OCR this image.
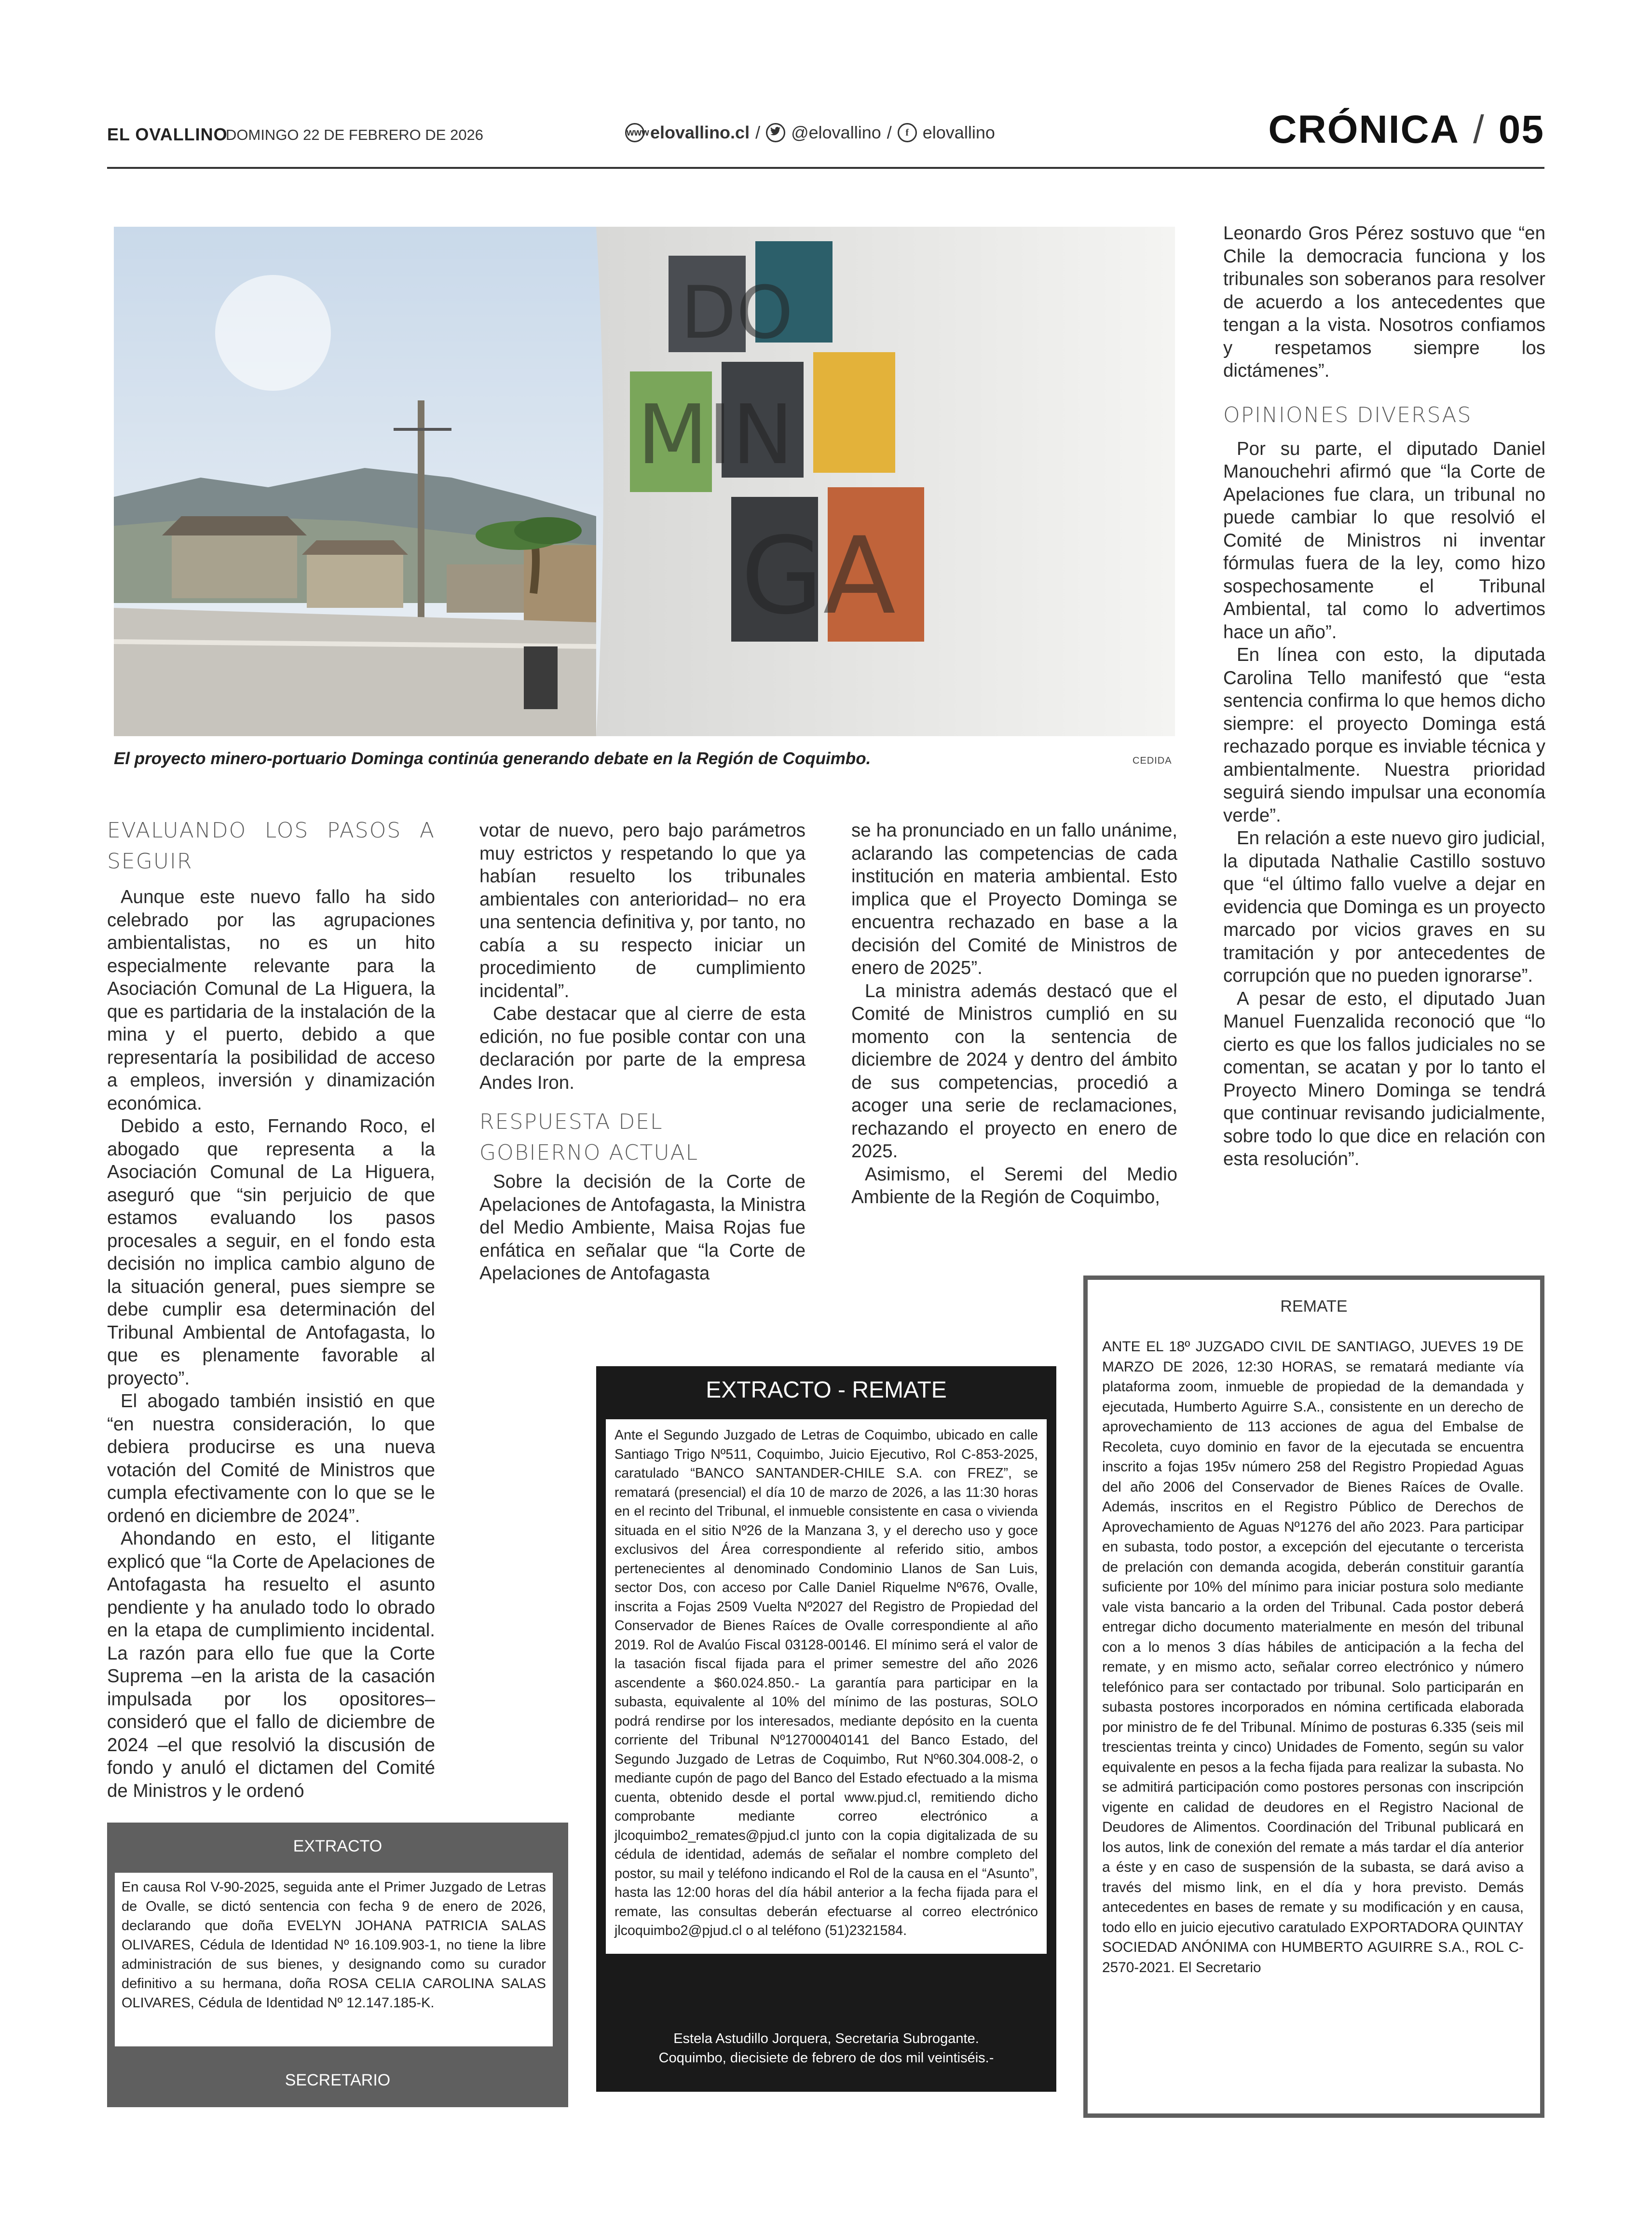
EL OVALLINO
DOMINGO 22 DE FEBRERO DE 2026	www elovallino.cl / @elovallino /	f elovallino	CRÓNICA / 05
DO
MIN
GA
El proyecto minero-portuario Dominga continúa generando debate en la Región de Coquimbo.	CEDIDA
EVALUANDO LOS PASOS A SEGUIR

Aunque este nuevo fallo ha sido celebrado por las agrupaciones ambientalistas, no es un hito especialmente relevante para la Asociación Comunal de La Higuera, la que es partidaria de la instalación de la mina y el puerto, debido a que representaría la posibilidad de acceso a empleos, inversión y dinamización económica.

Debido a esto, Fernando Roco, el abogado que representa a la Asociación Comunal de La Higuera, aseguró que “sin perjuicio de que estamos evaluando los pasos procesales a seguir, en el fondo esta decisión no implica cambio alguno de la situación general, pues siempre se debe cumplir esa determinación del Tribunal Ambiental de Antofagasta, lo que es plenamente favorable al proyecto”.

El abogado también insistió en que “en nuestra consideración, lo que debiera producirse es una nueva votación del Comité de Ministros que cumpla efectivamente con lo que se le ordenó en diciembre de 2024”.

Ahondando en esto, el litigante explicó que “la Corte de Apelaciones de Antofagasta ha resuelto el asunto pendiente y ha anulado todo lo obrado en la etapa de cumplimiento incidental. La razón para ello fue que la Corte Suprema –en la arista de la casación impulsada por los opositores– consideró que el fallo de diciembre de 2024 –el que resolvió la discusión de fondo y anuló el dictamen del Comité de Ministros y le ordenó

votar de nuevo, pero bajo parámetros muy estrictos y respetando lo que ya habían resuelto los tribunales ambientales con anterioridad– no era una sentencia definitiva y, por tanto, no cabía a su respecto iniciar un procedimiento de cumplimiento incidental”.

Cabe destacar que al cierre de esta edición, no fue posible contar con una declaración por parte de la empresa Andes Iron.

RESPUESTA DEL
GOBIERNO ACTUAL

Sobre la decisión de la Corte de Apelaciones de Antofagasta, la Ministra del Medio Ambiente, Maisa Rojas fue enfática en señalar que “la Corte de Apelaciones de Antofagasta

se ha pronunciado en un fallo unánime, aclarando las competencias de cada institución en materia ambiental. Esto implica que el Proyecto Dominga se encuentra rechazado en base a la decisión del Comité de Ministros de enero de 2025”.

La ministra además destacó que el Comité de Ministros cumplió en su momento con la sentencia de diciembre de 2024 y dentro del ámbito de sus competencias, procedió a acoger una serie de reclamaciones, rechazando el proyecto en enero de 2025.

Asimismo, el Seremi del Medio Ambiente de la Región de Coquimbo,

Leonardo Gros Pérez sostuvo que “en Chile la democracia funciona y los tribunales son soberanos para resolver de acuerdo a los antecedentes que tengan a la vista. Nosotros confiamos y respetamos siempre los dictámenes”.

OPINIONES DIVERSAS

Por su parte, el diputado Daniel Manouchehri afirmó que “la Corte de Apelaciones fue clara, un tribunal no puede cambiar lo que resolvió el Comité de Ministros ni inventar fórmulas fuera de la ley, como hizo sospechosamente el Tribunal Ambiental, tal como lo advertimos hace un año”.

En línea con esto, la diputada Carolina Tello manifestó que “esta sentencia confirma lo que hemos dicho siempre: el proyecto Dominga está rechazado porque es inviable técnica y ambientalmente. Nuestra prioridad seguirá siendo impulsar una economía verde”.

En relación a este nuevo giro judicial, la diputada Nathalie Castillo sostuvo que “el último fallo vuelve a dejar en evidencia que Dominga es un proyecto marcado por vicios graves en su tramitación y por antecedentes de corrupción que no pueden ignorarse”.

A pesar de esto, el diputado Juan Manuel Fuenzalida reconoció que “lo cierto es que los fallos judiciales no se comentan, se acatan y por lo tanto el Proyecto Minero Dominga se tendrá que continuar revisando judicialmente, sobre todo lo que dice en relación con esta resolución”.

EXTRACTO
En causa Rol V-90-2025, seguida ante el Primer Juzgado de Letras de Ovalle, se dictó sentencia con fecha 9 de enero de 2026, declarando que doña EVELYN JOHANA PATRICIA SALAS OLIVARES, Cédula de Identidad Nº 16.109.903-1, no tiene la libre administración de sus bienes, y designando como su curador definitivo a su hermana, doña ROSA CELIA CAROLINA SALAS OLIVARES, Cédula de Identidad Nº 12.147.185-K.
SECRETARIO
EXTRACTO - REMATE
Ante el Segundo Juzgado de Letras de Coquimbo, ubicado en calle Santiago Trigo Nº511, Coquimbo, Juicio Ejecutivo, Rol C-853-2025, caratulado “BANCO SANTANDER-CHILE S.A. con FREZ”, se rematará (presencial) el día 10 de marzo de 2026, a las 11:30 horas en el recinto del Tribunal, el inmueble consistente en casa o vivienda situada en el sitio Nº26 de la Manzana 3, y el derecho uso y goce exclusivos del Área correspondiente al referido sitio, ambos pertenecientes al denominado Condominio Llanos de San Luis, sector Dos, con acceso por Calle Daniel Riquelme Nº676, Ovalle, inscrita a Fojas 2509 Vuelta Nº2027 del Registro de Propiedad del Conservador de Bienes Raíces de Ovalle correspondiente al año 2019. Rol de Avalúo Fiscal 03128-00146. El mínimo será el valor de la tasación fiscal fijada para el primer semestre del año 2026 ascendente a $60.024.850.- La garantía para participar en la subasta, equivalente al 10% del mínimo de las posturas, SOLO podrá rendirse por los interesados, mediante depósito en la cuenta corriente del Tribunal Nº12700040141 del Banco Estado, del Segundo Juzgado de Letras de Coquimbo, Rut Nº60.304.008-2, o mediante cupón de pago del Banco del Estado efectuado a la misma cuenta, obtenido desde el portal www.pjud.cl, remitiendo dicho comprobante mediante correo electrónico a jlcoquimbo2_remates@pjud.cl junto con la copia digitalizada de su cédula de identidad, además de señalar el nombre completo del postor, su mail y teléfono indicando el Rol de la causa en el “Asunto”, hasta las 12:00 horas del día hábil anterior a la fecha fijada para el remate, las consultas deberán efectuarse al correo electrónico jlcoquimbo2@pjud.cl o al teléfono (51)2321584.
Estela Astudillo Jorquera, Secretaria Subrogante.
Coquimbo, diecisiete de febrero de dos mil veintiséis.-
REMATE
ANTE EL 18º JUZGADO CIVIL DE SANTIAGO, JUEVES 19 DE MARZO DE 2026, 12:30 HORAS, se rematará mediante vía plataforma zoom, inmueble de propiedad de la demandada y ejecutada, Humberto Aguirre S.A., consistente en un derecho de aprovechamiento de 113 acciones de agua del Embalse de Recoleta, cuyo dominio en favor de la ejecutada se encuentra inscrito a fojas 195v número 258 del Registro Propiedad Aguas del año 2006 del Conservador de Bienes Raíces de Ovalle. Además, inscritos en el Registro Público de Derechos de Aprovechamiento de Aguas Nº1276 del año 2023. Para participar en subasta, todo postor, a excepción del ejecutante o tercerista de prelación con demanda acogida, deberán constituir garantía suficiente por 10% del mínimo para iniciar postura solo mediante vale vista bancario a la orden del Tribunal. Cada postor deberá entregar dicho documento materialmente en mesón del tribunal con a lo menos 3 días hábiles de anticipación a la fecha del remate, y en mismo acto, señalar correo electrónico y número telefónico para ser contactado por tribunal. Solo participarán en subasta postores incorporados en nómina certificada elaborada por ministro de fe del Tribunal. Mínimo de posturas 6.335 (seis mil trescientas treinta y cinco) Unidades de Fomento, según su valor equivalente en pesos a la fecha fijada para realizar la subasta. No se admitirá participación como postores personas con inscripción vigente en calidad de deudores en el Registro Nacional de Deudores de Alimentos. Coordinación del Tribunal publicará en los autos, link de conexión del remate a más tardar el día anterior a éste y en caso de suspensión de la subasta, se dará aviso a través del mismo link, en el día y hora previsto. Demás antecedentes en bases de remate y su modificación y en causa, todo ello en juicio ejecutivo caratulado EXPORTADORA QUINTAY SOCIEDAD ANÓNIMA con HUMBERTO AGUIRRE S.A., ROL C-2570-2021. El Secretario
